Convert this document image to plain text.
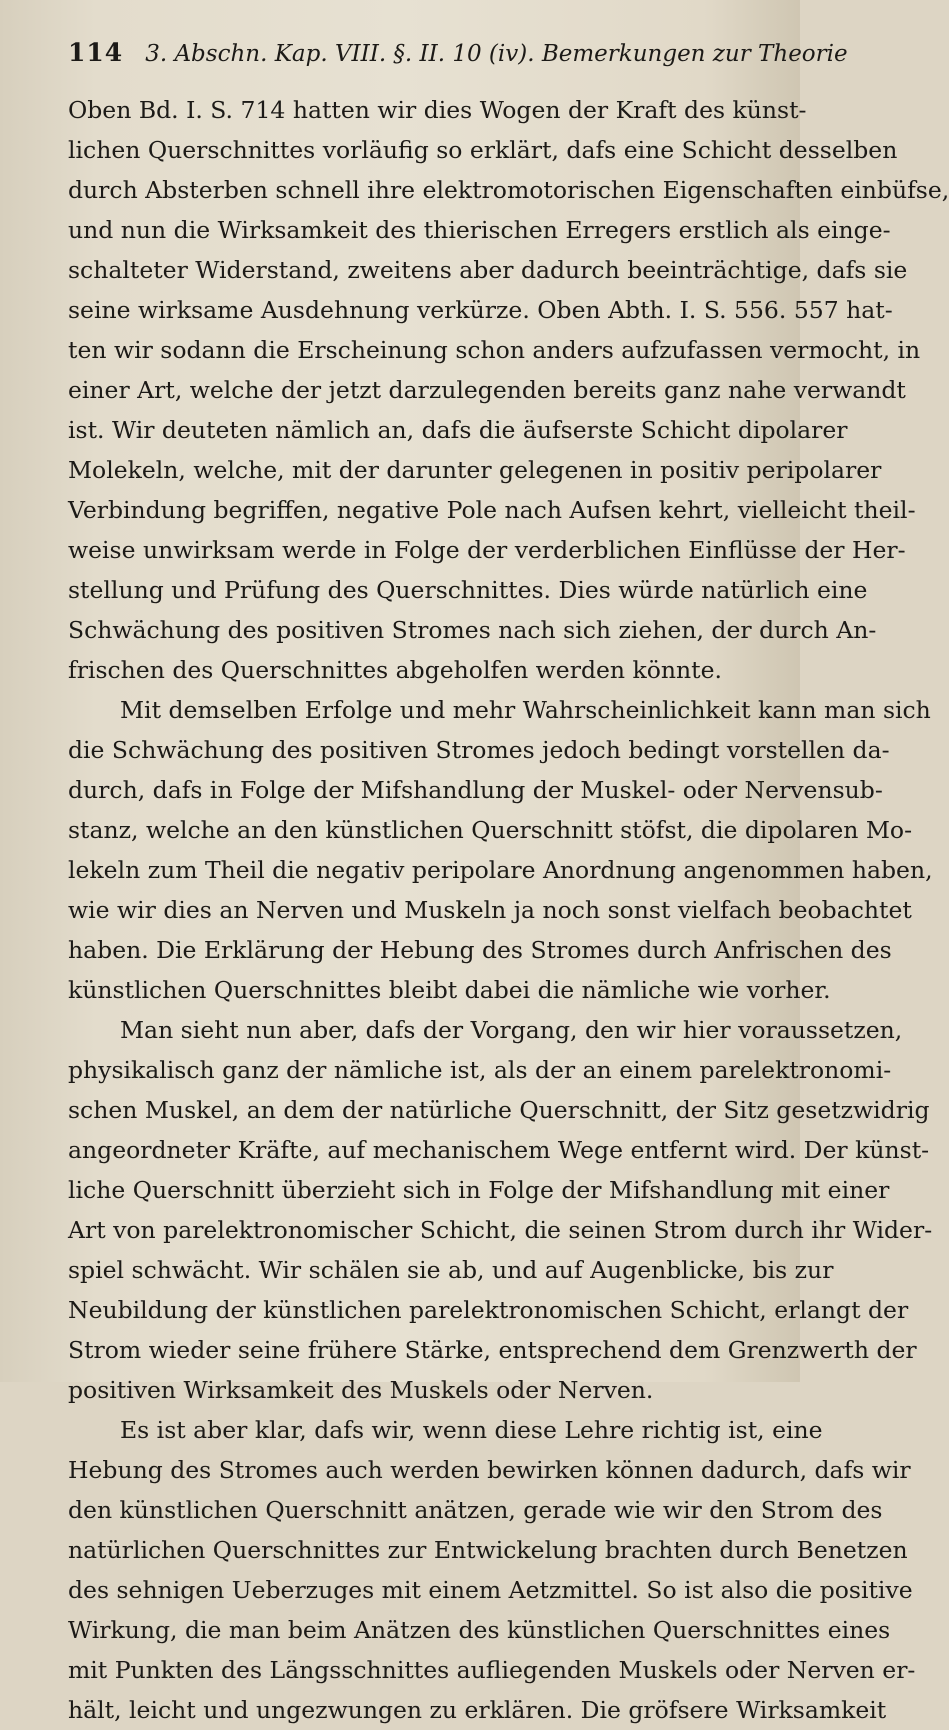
114 3. Abschn. Kap. VIII. §. II. 10 (iv). Bemerkungen zur Theorie
Oben Bd. I. S. 714 hatten wir dies Wogen der Kraft des künst-
lichen Querschnittes vorläufig so erklärt, dafs eine Schicht desselben
durch Absterben schnell ihre elektromotorischen Eigenschaften einbüfse,
und nun die Wirksamkeit des thierischen Erregers erstlich als einge-
schalteter Widerstand, zweitens aber dadurch beeinträchtige, dafs sie
seine wirksame Ausdehnung verkürze. Oben Abth. I. S. 556. 557 hat-
ten wir sodann die Erscheinung schon anders aufzufassen vermocht, in
einer Art, welche der jetzt darzulegenden bereits ganz nahe verwandt
ist. Wir deuteten nämlich an, dafs die äufserste Schicht dipolarer
Molekeln, welche, mit der darunter gelegenen in positiv peripolarer
Verbindung begriffen, negative Pole nach Aufsen kehrt, vielleicht theil-
weise unwirksam werde in Folge der verderblichen Einflüsse der Her-
stellung und Prüfung des Querschnittes. Dies würde natürlich eine
Schwächung des positiven Stromes nach sich ziehen, der durch An-
frischen des Querschnittes abgeholfen werden könnte.
Mit demselben Erfolge und mehr Wahrscheinlichkeit kann man sich
die Schwächung des positiven Stromes jedoch bedingt vorstellen da-
durch, dafs in Folge der Mifshandlung der Muskel- oder Nervensub-
stanz, welche an den künstlichen Querschnitt stöfst, die dipolaren Mo-
lekeln zum Theil die negativ peripolare Anordnung angenommen haben,
wie wir dies an Nerven und Muskeln ja noch sonst vielfach beobachtet
haben. Die Erklärung der Hebung des Stromes durch Anfrischen des
künstlichen Querschnittes bleibt dabei die nämliche wie vorher.
Man sieht nun aber, dafs der Vorgang, den wir hier voraussetzen,
physikalisch ganz der nämliche ist, als der an einem parelektronomi-
schen Muskel, an dem der natürliche Querschnitt, der Sitz gesetzwidrig
angeordneter Kräfte, auf mechanischem Wege entfernt wird. Der künst-
liche Querschnitt überzieht sich in Folge der Mifshandlung mit einer
Art von parelektronomischer Schicht, die seinen Strom durch ihr Wider-
spiel schwächt. Wir schälen sie ab, und auf Augenblicke, bis zur
Neubildung der künstlichen parelektronomischen Schicht, erlangt der
Strom wieder seine frühere Stärke, entsprechend dem Grenzwerth der
positiven Wirksamkeit des Muskels oder Nerven.
Es ist aber klar, dafs wir, wenn diese Lehre richtig ist, eine
Hebung des Stromes auch werden bewirken können dadurch, dafs wir
den künstlichen Querschnitt anätzen, gerade wie wir den Strom des
natürlichen Querschnittes zur Entwickelung brachten durch Benetzen
des sehnigen Ueberzuges mit einem Aetzmittel. So ist also die positive
Wirkung, die man beim Anätzen des künstlichen Querschnittes eines
mit Punkten des Längsschnittes aufliegenden Muskels oder Nerven er-
hält, leicht und ungezwungen zu erklären. Die gröfsere Wirksamkeit
